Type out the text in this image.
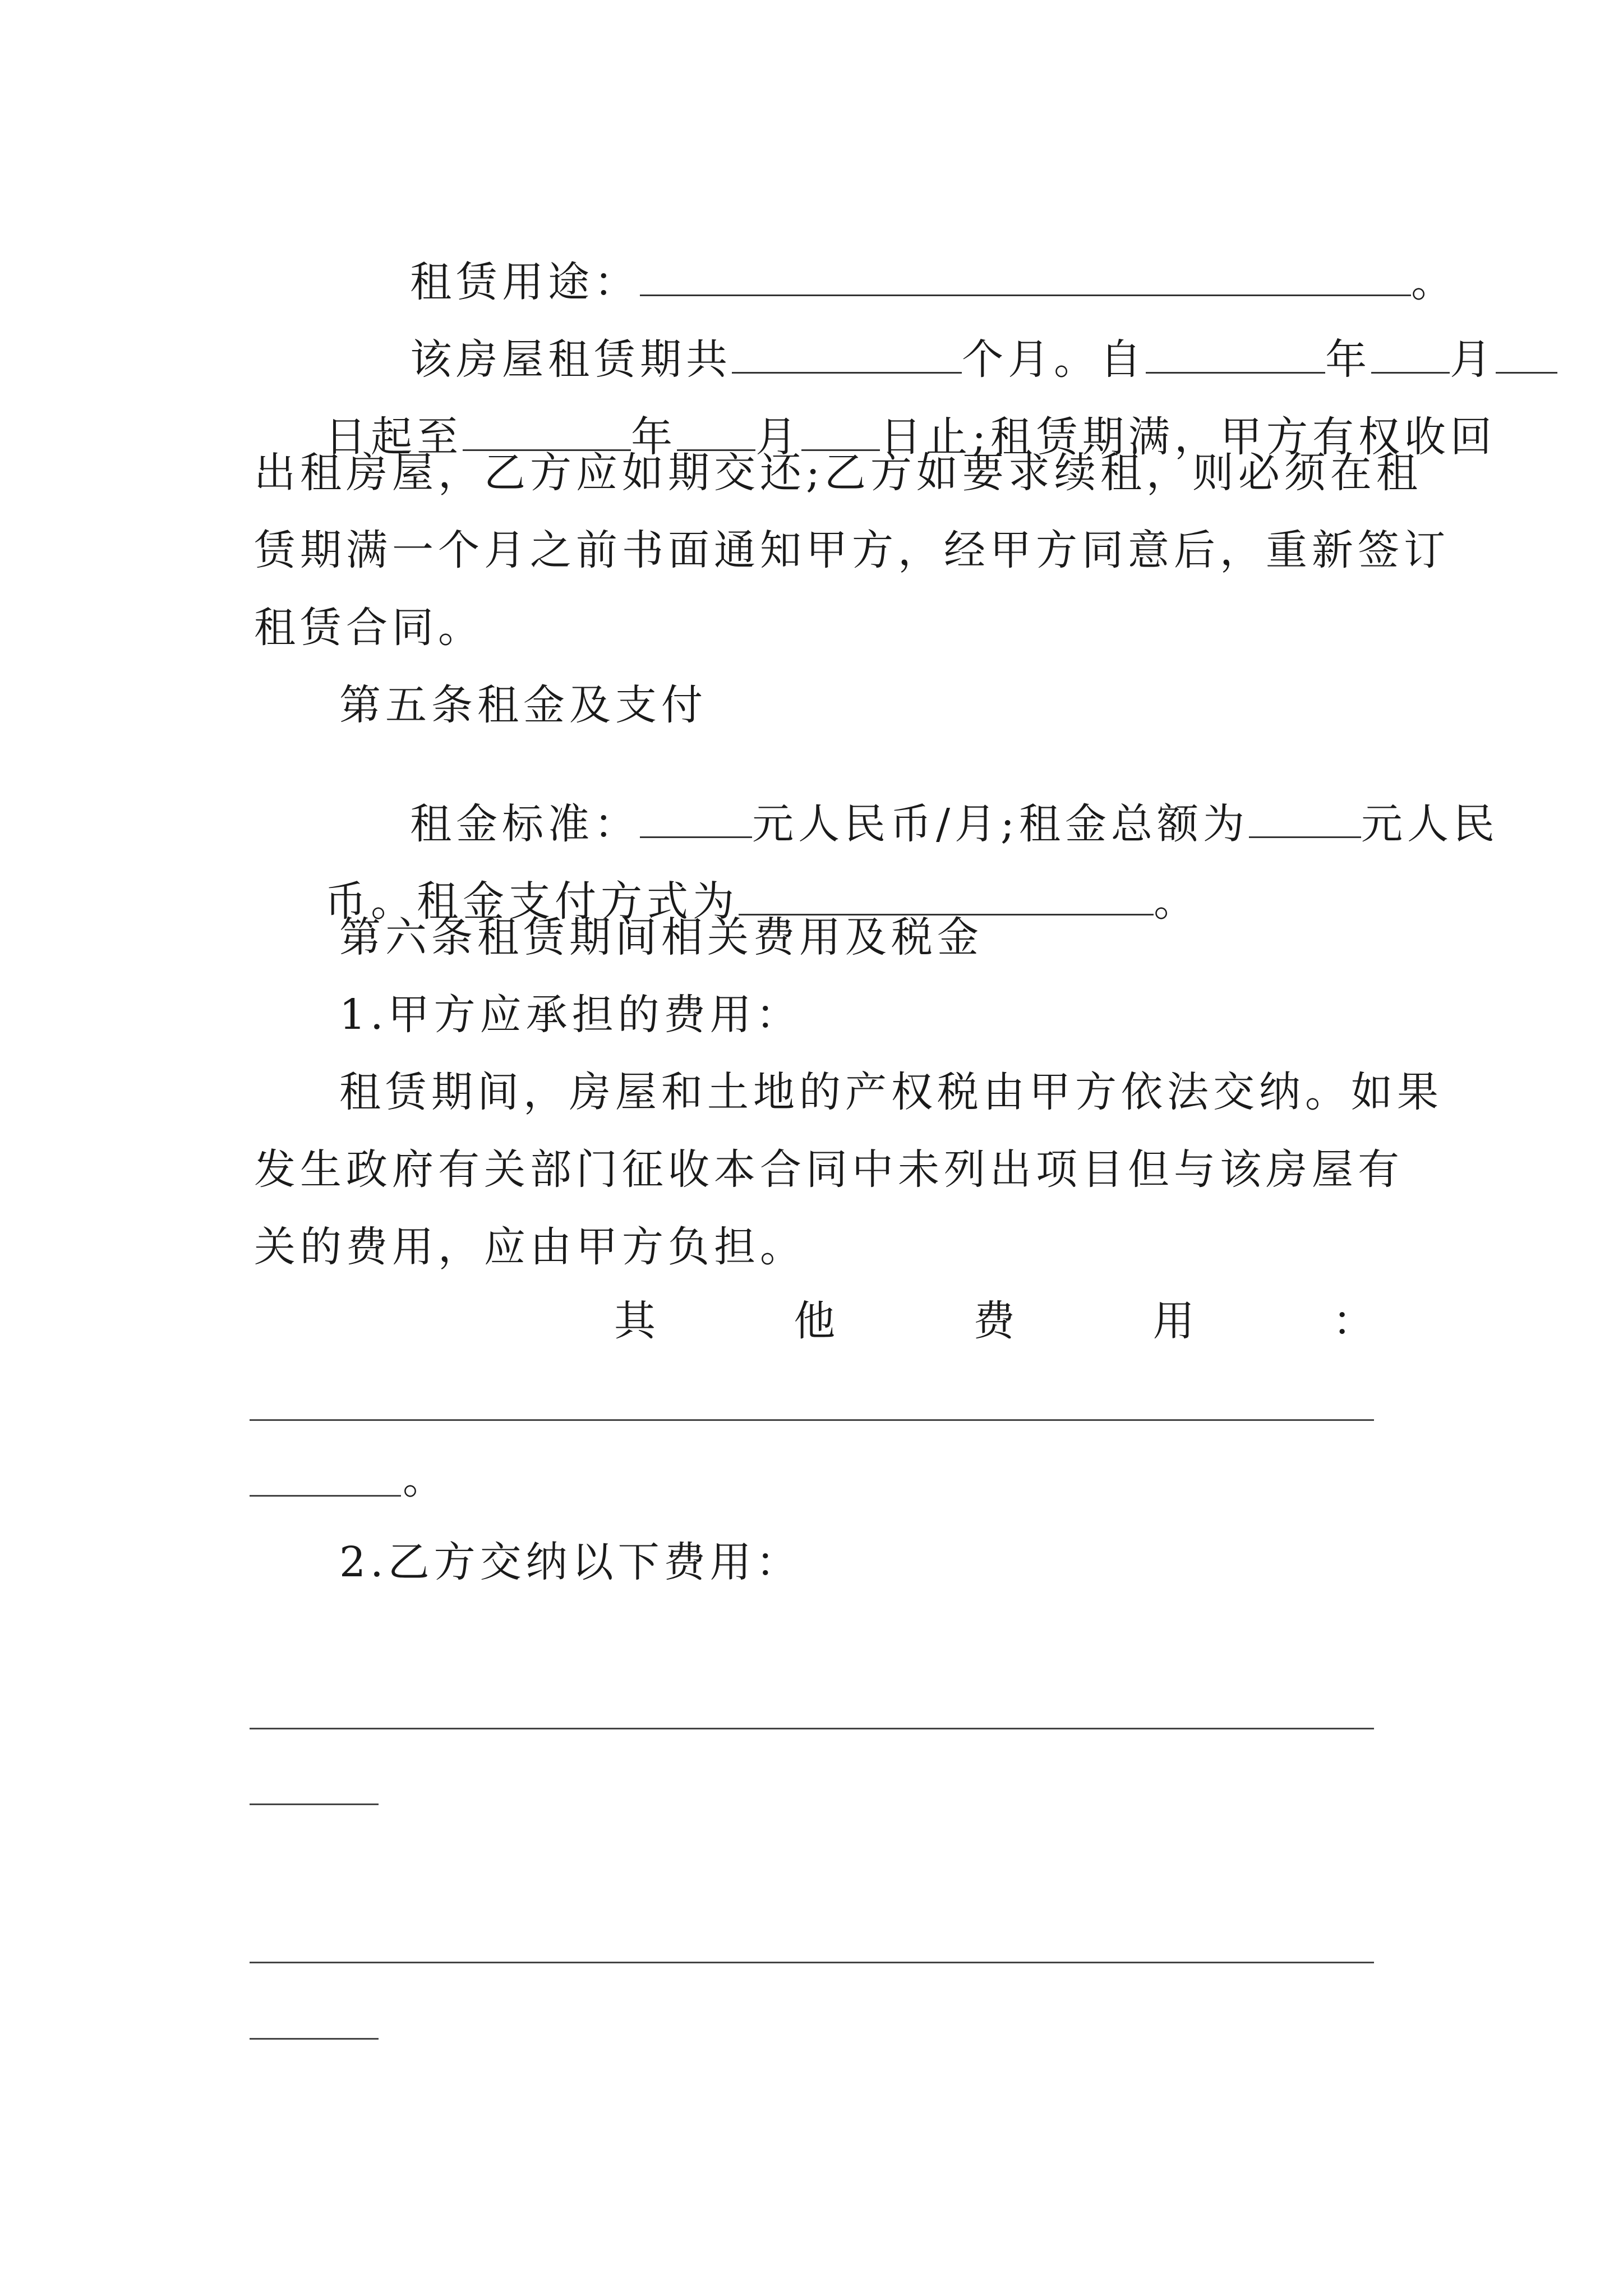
租赁用途：	。

该房屋租赁期共	个月。自	年 月

日起至	年 月 日止;租赁期满，甲方有权收回

出租房屋，乙方应如期交还;乙方如要求续租，则必须在租
赁期满一个月之前书面通知甲方，经甲方同意后，重新签订
租赁合同。
第五条租金及支付

租金标准：	元人民币/月;租金总额为	元人民

币。租金支付方式为	。

第六条租赁期间相关费用及税金
1.甲方应承担的费用：
租赁期间，房屋和土地的产权税由甲方依法交纳。如果
发生政府有关部门征收本合同中未列出项目但与该房屋有
关的费用，应由甲方负担。
其	他	费	用	：
。
2.乙方交纳以下费用：
